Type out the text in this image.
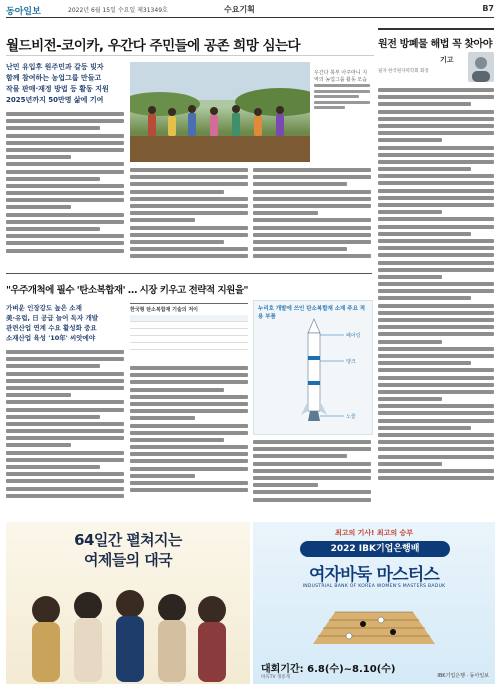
동아일보	2022년 6월 15일 수요일 제31349호	수요기획	B7
월드비전-코이카, 우간다 주민들에 공존 희망 심는다
난민 유입후 원주민과 갈등 빚자
함께 참여하는 농업그룹 만들고
작물 판매·재정 방법 등 활동 지원
2025년까지 50만명 삶에 기여
우간다 북부 아주마니 지역의 농업그룹 활동 모습
원전 방폐물 해법 꼭 찾아야
기고
필자 한국원자력학회 회장
"우주개척에 필수 '탄소복합재' … 시장 키우고 전략적 지원을"
가벼운 인장강도 높은 소재
美·유럽, 日 공급 늘어 독자 개발
관련산업 연계 수요 활성화 중요
소재산업 육성 '10年' 씨앗에야
한국형 탄소복합재 기술의 저이	누리호 개발에 쓰인 탄소복합재 소재 주요 적용 부품
페어링
탱크
노즐
64일간 펼쳐지는
여제들의 대국
최고의 기사! 최고의 승부
2022 IBK기업은행배
여자바둑 마스터스
INDUSTRIAL BANK OF KOREA WOMEN'S MASTERS BADUK
대회기간: 6.8(수)~8.10(수)
바둑TV 생중계	IBK기업은행 · 동아일보
